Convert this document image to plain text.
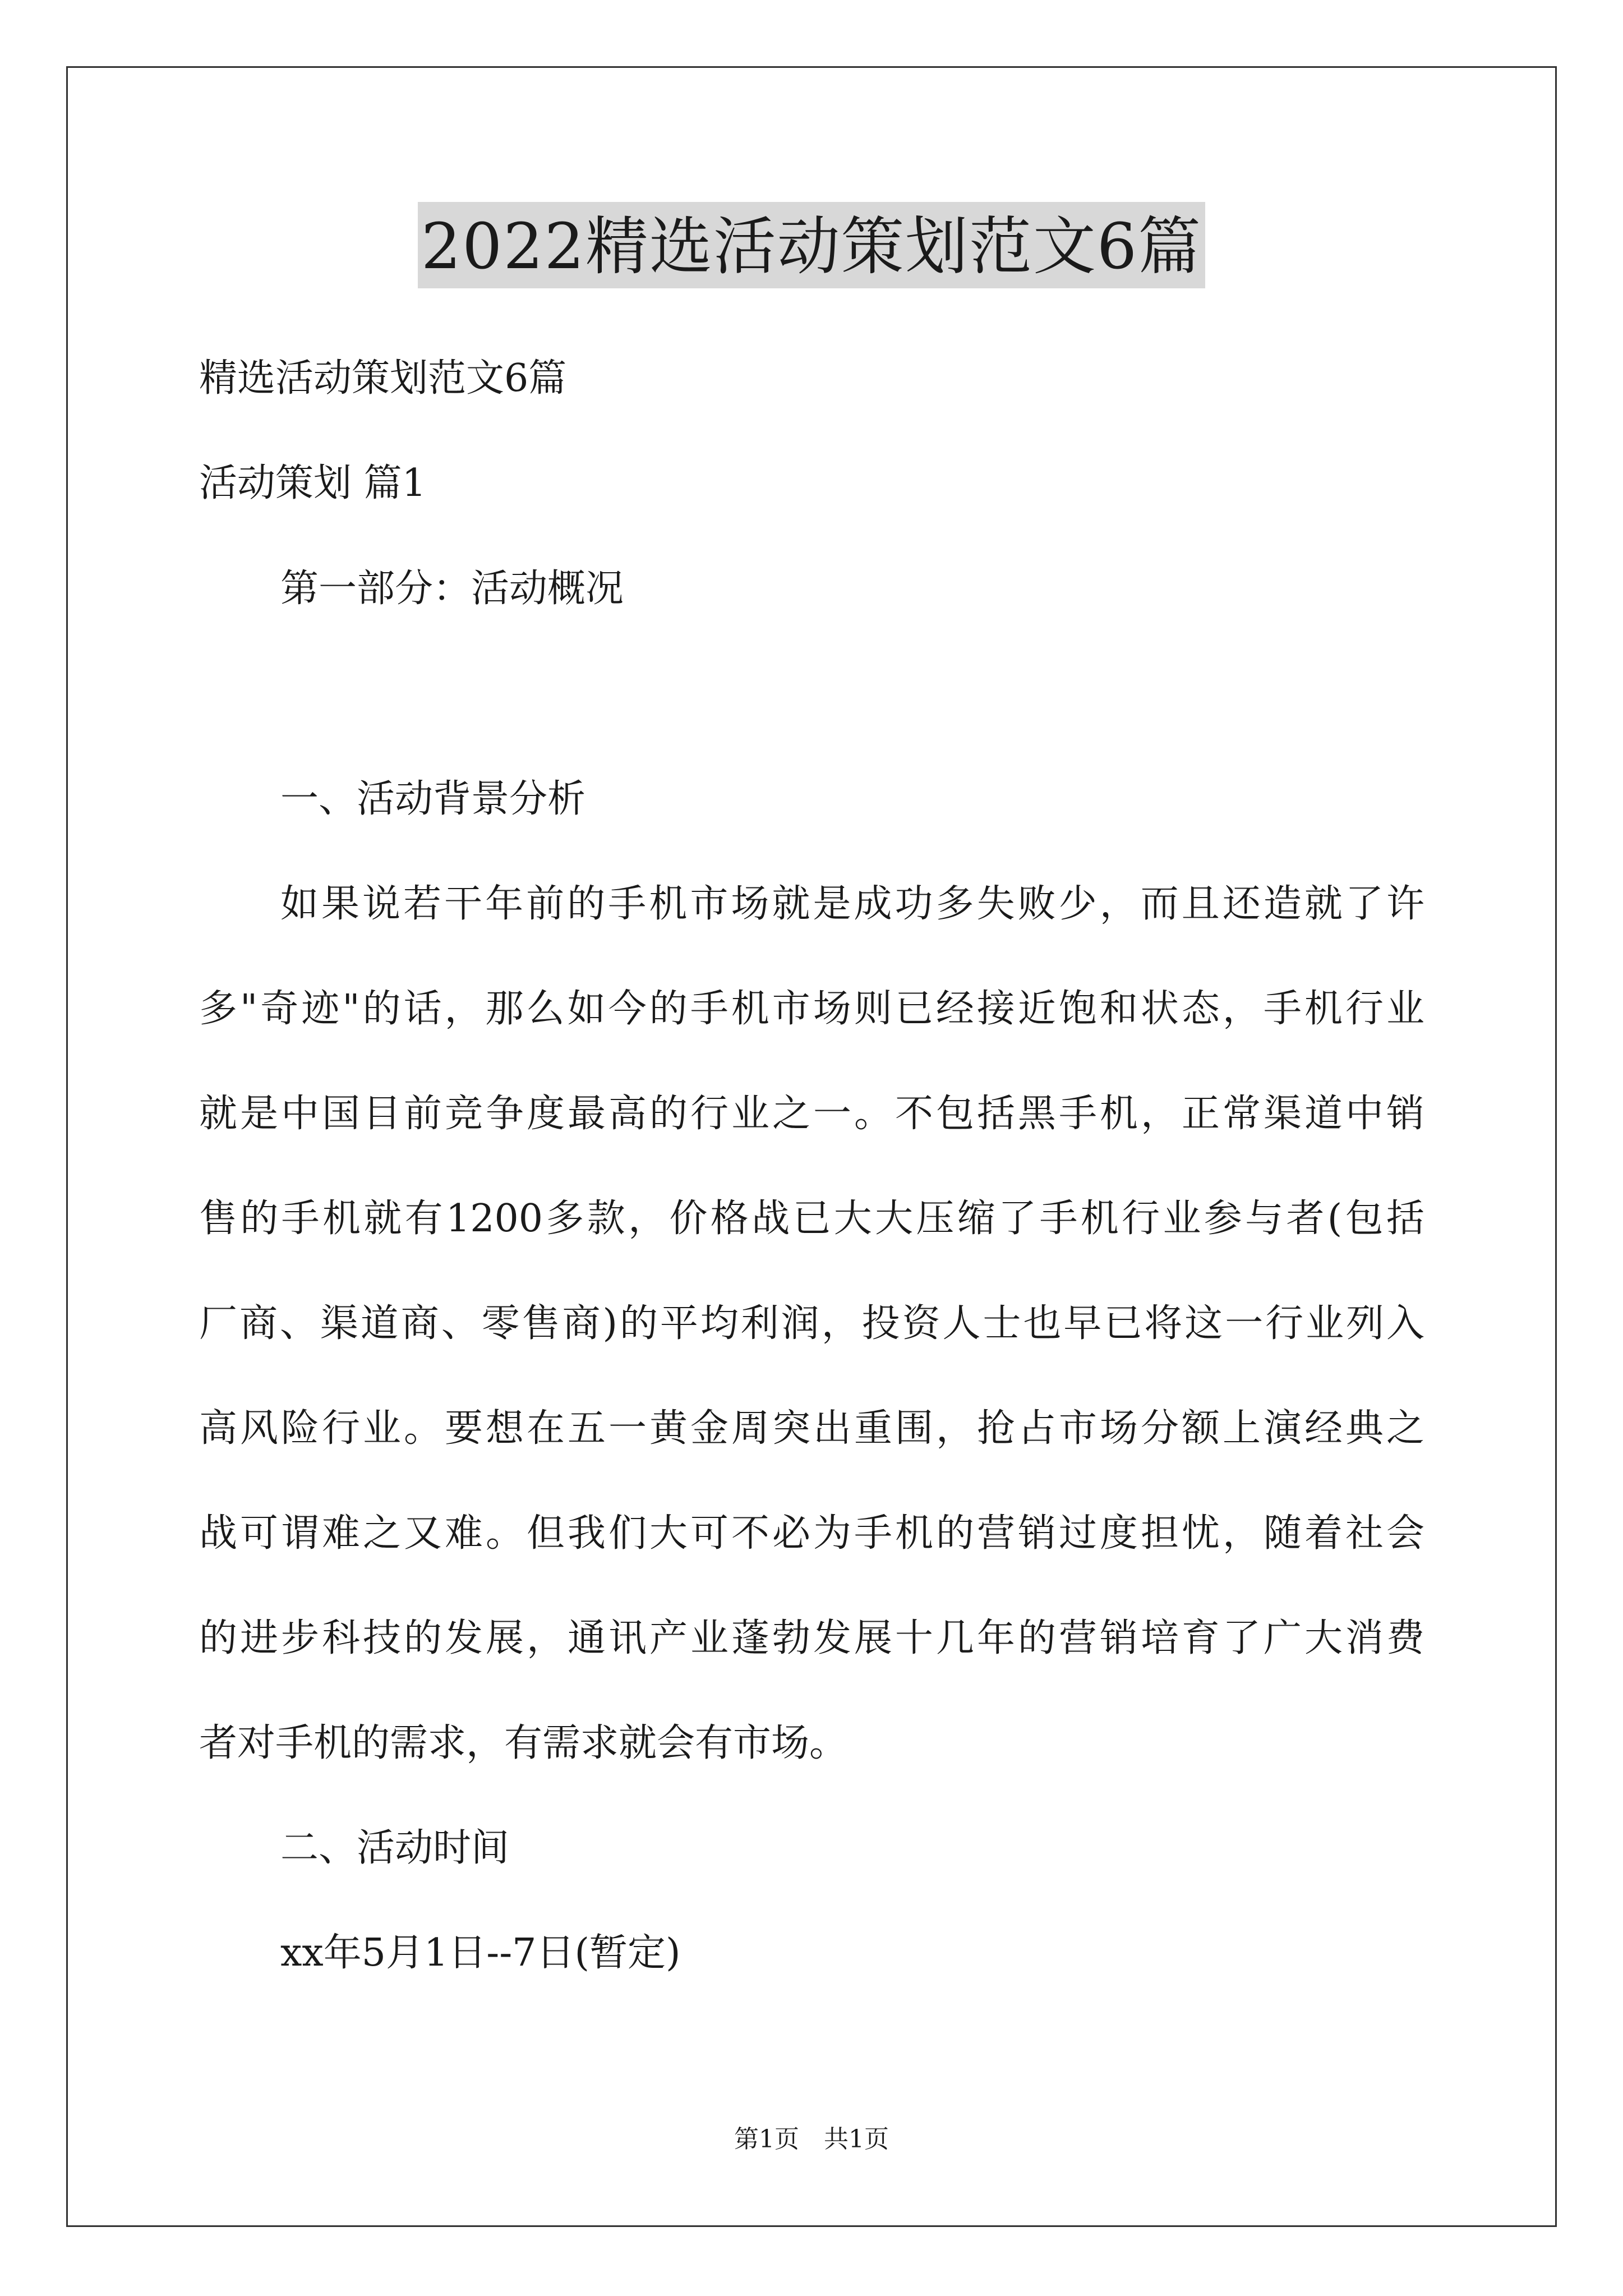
2022精选活动策划范文6篇
精选活动策划范文6篇
活动策划 篇1
第一部分：活动概况
一、活动背景分析
如果说若干年前的手机市场就是成功多失败少，而且还造就了许
多"奇迹"的话，那么如今的手机市场则已经接近饱和状态，手机行业
就是中国目前竞争度最高的行业之一。不包括黑手机，正常渠道中销
售的手机就有1200多款，价格战已大大压缩了手机行业参与者(包括
厂商、渠道商、零售商)的平均利润，投资人士也早已将这一行业列入
高风险行业。要想在五一黄金周突出重围，抢占市场分额上演经典之
战可谓难之又难。但我们大可不必为手机的营销过度担忧，随着社会
的进步科技的发展，通讯产业蓬勃发展十几年的营销培育了广大消费
者对手机的需求，有需求就会有市场。
二、活动时间
xx年5月1日--7日(暂定)
第1页　共1页
